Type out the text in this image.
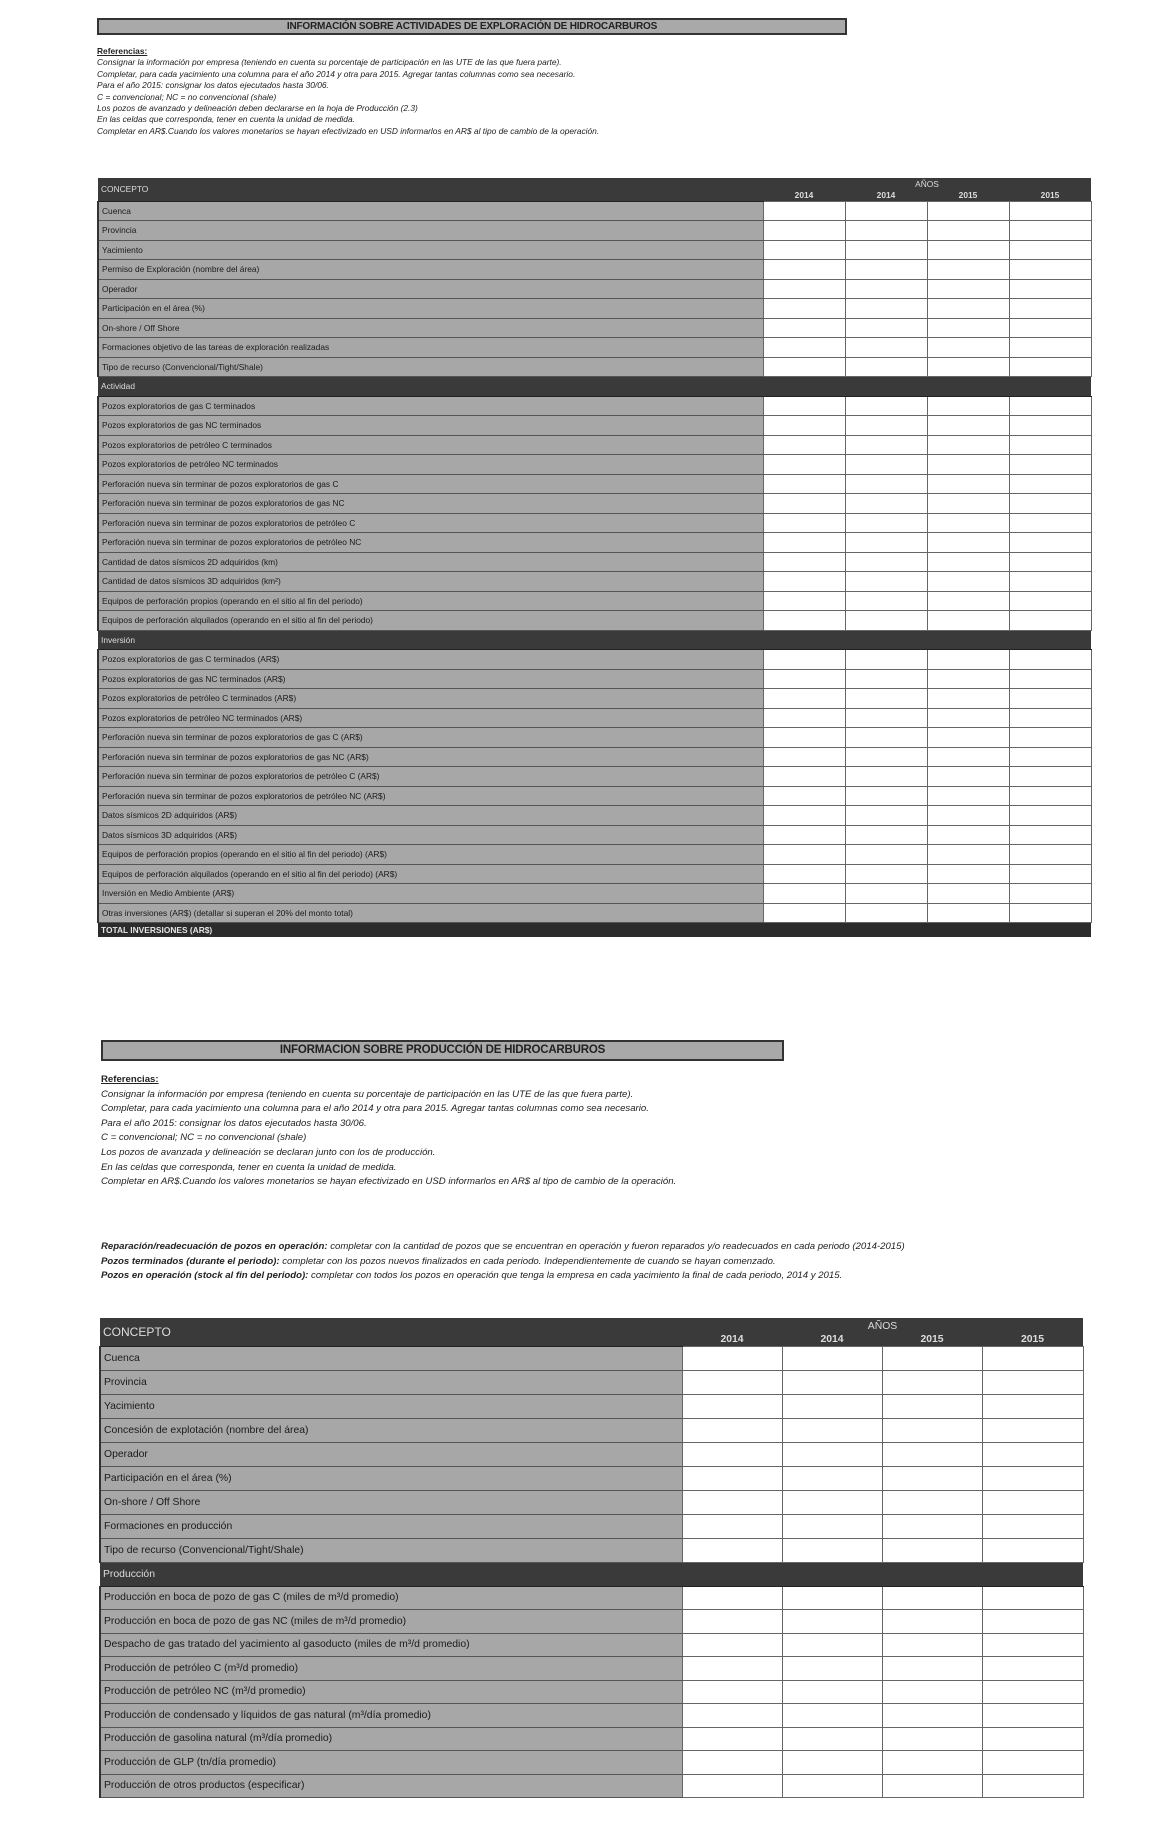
INFORMACIÓN SOBRE ACTIVIDADES DE EXPLORACIÓN DE HIDROCARBUROS
Referencias:
Consignar la información por empresa (teniendo en cuenta su porcentaje de participación en las UTE de las que fuera parte).
Completar, para cada yacimiento una columna para el año 2014 y otra para 2015. Agregar tantas columnas como sea necesario.
Para el año 2015: consignar los datos ejecutados hasta 30/06.
C = convencional; NC = no convencional (shale)
Los pozos de avanzado y delineación deben declararse en la hoja de Producción (2.3)
En las celdas que corresponda, tener en cuenta la unidad de medida.
Completar en AR$.Cuando los valores monetarios se hayan efectivizado en USD informarlos en AR$ al tipo de cambio de la operación.
CONCEPTO	AÑOS			
	2014	2014	2015	2015
Cuenca				
Provincia				
Yacimiento				
Permiso de Exploración (nombre del área)				
Operador				
Participación en el área (%)				
On-shore / Off Shore				
Formaciones objetivo de las tareas de exploración realizadas				
Tipo de recurso (Convencional/Tight/Shale)				
Actividad				
Pozos exploratorios de gas C terminados				
Pozos exploratorios de gas NC terminados				
Pozos exploratorios de petróleo C terminados				
Pozos exploratorios de petróleo NC terminados				
Perforación nueva sin terminar de pozos exploratorios de gas C				
Perforación nueva sin terminar de pozos exploratorios de gas NC				
Perforación nueva sin terminar de pozos exploratorios de petróleo C				
Perforación nueva sin terminar de pozos exploratorios de petróleo NC				
Cantidad de datos sísmicos 2D adquiridos (km)				
Cantidad de datos sísmicos 3D adquiridos (km²)				
Equipos de perforación propios (operando en el sitio al fin del periodo)				
Equipos de perforación alquilados (operando en el sitio al fin del periodo)				
Inversión				
Pozos exploratorios de gas C terminados (AR$)				
Pozos exploratorios de gas NC terminados (AR$)				
Pozos exploratorios de petróleo C terminados (AR$)				
Pozos exploratorios de petróleo NC terminados (AR$)				
Perforación nueva sin terminar de pozos exploratorios de gas C (AR$)				
Perforación nueva sin terminar de pozos exploratorios de gas NC (AR$)				
Perforación nueva sin terminar de pozos exploratorios de petróleo C (AR$)				
Perforación nueva sin terminar de pozos exploratorios de petróleo NC (AR$)				
Datos sísmicos 2D adquiridos (AR$)				
Datos sísmicos 3D adquiridos (AR$)				
Equipos de perforación propios (operando en el sitio al fin del periodo) (AR$)				
Equipos de perforación alquilados (operando en el sitio al fin del periodo) (AR$)				
Inversión en Medio Ambiente (AR$)				
Otras inversiones (AR$) (detallar si superan el 20% del monto total)				
TOTAL INVERSIONES (AR$)				
INFORMACION SOBRE PRODUCCIÓN DE HIDROCARBUROS
Referencias:
Consignar la información por empresa (teniendo en cuenta su porcentaje de participación en las UTE de las que fuera parte).
Completar, para cada yacimiento una columna para el año 2014 y otra para 2015. Agregar tantas columnas como sea necesario.
Para el año 2015: consignar los datos ejecutados hasta 30/06.
C = convencional; NC = no convencional (shale)
Los pozos de avanzada y delineación se declaran junto con los de producción.
En las celdas que corresponda, tener en cuenta la unidad de medida.
Completar en AR$.Cuando los valores monetarios se hayan efectivizado en USD informarlos en AR$ al tipo de cambio de la operación.
Reparación/readecuación de pozos en operación: completar con la cantidad de pozos que se encuentran en operación y fueron reparados y/o readecuados en cada periodo (2014-2015)
Pozos terminados (durante el periodo): completar con los pozos nuevos finalizados en cada periodo. Independientemente de cuando se hayan comenzado.
Pozos en operación (stock al fin del periodo): completar con todos los pozos en operación que tenga la empresa en cada yacimiento la final de cada periodo, 2014 y 2015.
CONCEPTO	AÑOS			
	2014	2014	2015	2015
Cuenca				
Provincia				
Yacimiento				
Concesión de explotación (nombre del área)				
Operador				
Participación en el área (%)				
On-shore / Off Shore				
Formaciones en producción				
Tipo de recurso (Convencional/Tight/Shale)				
Producción				
Producción en boca de pozo de gas C (miles de m³/d promedio)				
Producción en boca de pozo de gas NC (miles de m³/d promedio)				
Despacho de gas tratado del yacimiento al gasoducto (miles de m³/d promedio)				
Producción de petróleo C (m³/d promedio)				
Producción de petróleo NC (m³/d promedio)				
Producción de condensado y líquidos de gas natural (m³/día promedio)				
Producción de gasolina natural (m³/día promedio)				
Producción de GLP (tn/día promedio)				
Producción de otros productos (especificar)				
